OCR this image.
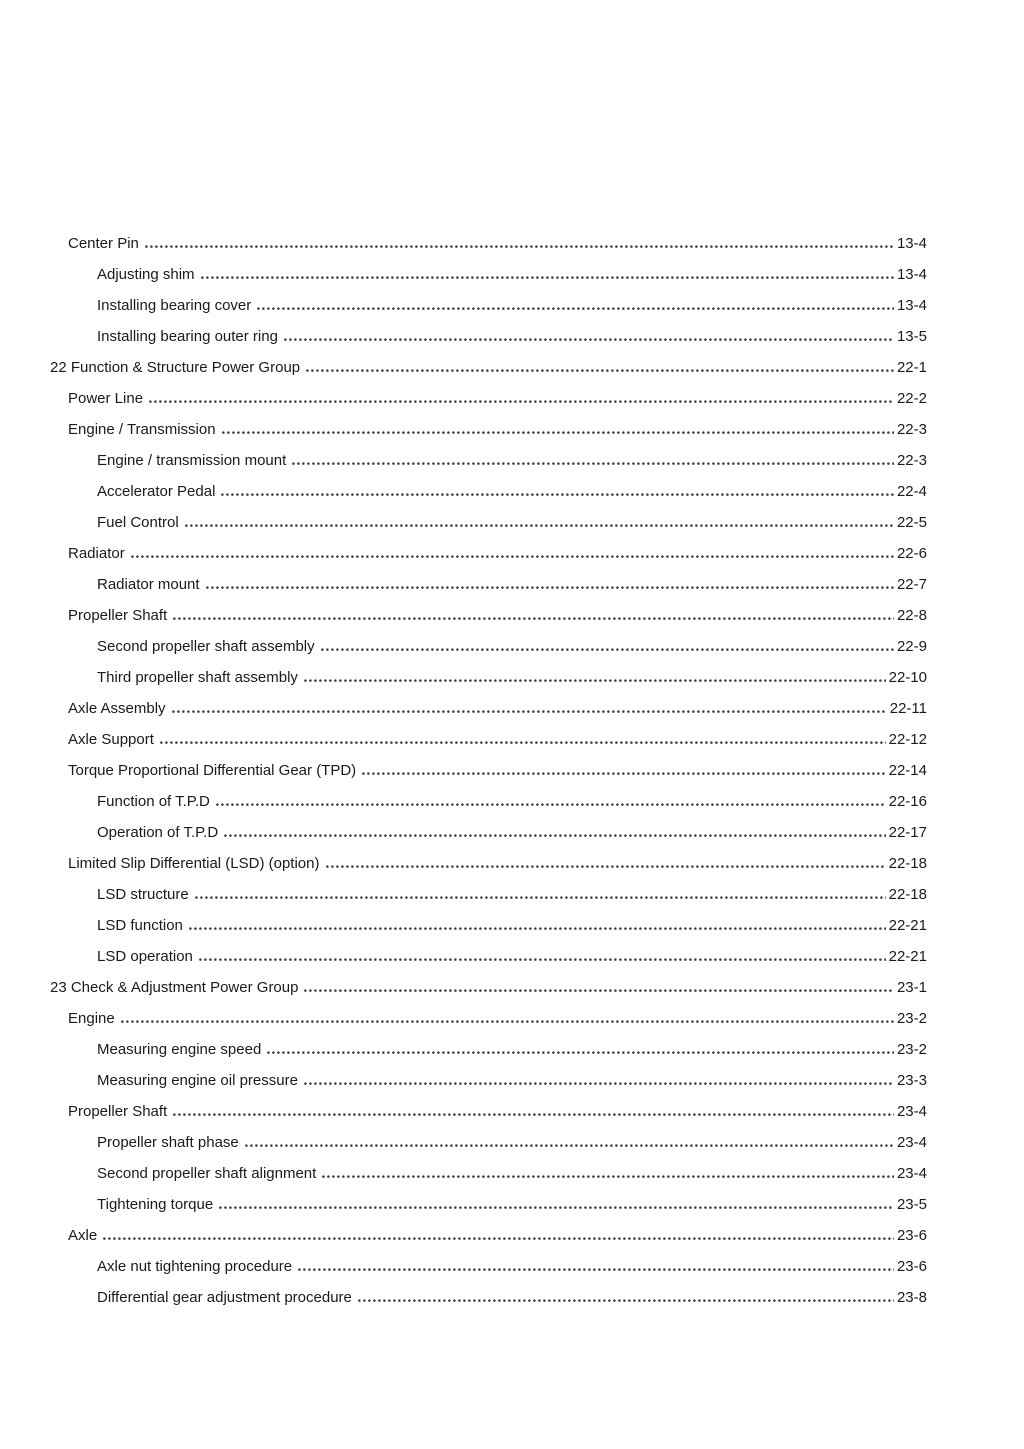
Center Pin	13-4
Adjusting shim	13-4
Installing bearing cover	13-4
Installing bearing outer ring	13-5
22 Function & Structure Power Group	22-1
Power Line	22-2
Engine / Transmission	22-3
Engine / transmission mount	22-3
Accelerator Pedal	22-4
Fuel Control	22-5
Radiator	22-6
Radiator mount	22-7
Propeller Shaft	22-8
Second propeller shaft assembly	22-9
Third propeller shaft assembly	22-10
Axle Assembly	22-11
Axle Support	22-12
Torque Proportional Differential Gear (TPD)	22-14
Function of T.P.D	22-16
Operation of T.P.D	22-17
Limited Slip Differential (LSD) (option)	22-18
LSD structure	22-18
LSD function	22-21
LSD operation	22-21
23 Check & Adjustment Power Group	23-1
Engine	23-2
Measuring engine speed	23-2
Measuring engine oil pressure	23-3
Propeller Shaft	23-4
Propeller shaft phase	23-4
Second propeller shaft alignment	23-4
Tightening torque	23-5
Axle	23-6
Axle nut tightening procedure	23-6
Differential gear adjustment procedure	23-8
